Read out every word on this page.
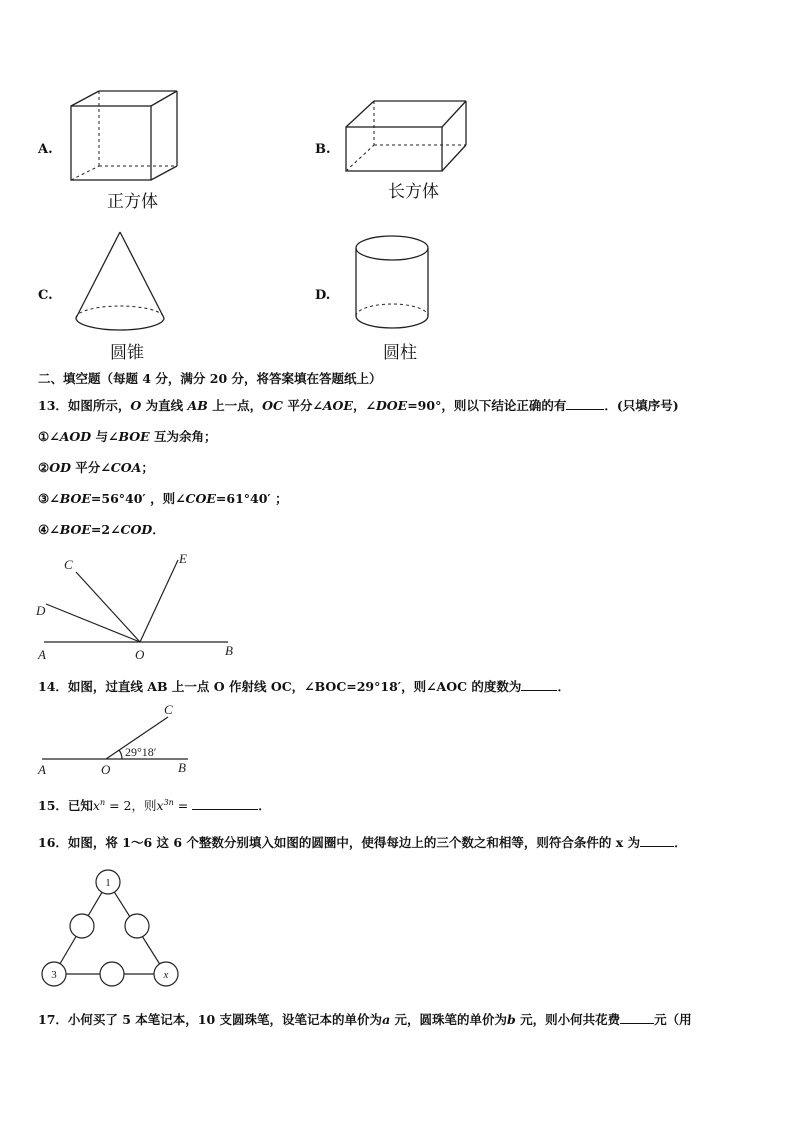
A.
正方体
B.
长方体
C.
圆锥
D.
圆柱
二、填空题（每题 4 分，满分 20 分，将答案填在答题纸上）
13．如图所示，O 为直线 AB 上一点，OC 平分∠AOE，∠DOE=90°，则以下结论正确的有	．(只填序号)
①∠AOD 与∠BOE 互为余角；
②OD 平分∠COA；
③∠BOE=56°40′ ，则∠COE=61°40′ ；
④∠BOE=2∠COD．
A	O	B
C
D
E
14．如图，过直线 AB 上一点 O 作射线 OC，∠BOC=29°18′，则∠AOC 的度数为	．
A	O	B
C
29°18′
15．已知$x^n = 2$，则$x^{3n}$ =	．
16．如图，将 1～6 这 6 个整数分别填入如图的圆圈中，使得每边上的三个数之和相等，则符合条件的 x 为	．
1
3	x
17．小何买了 5 本笔记本，10 支圆珠笔，设笔记本的单价为a 元，圆珠笔的单价为b 元，则小何共花费	元（用
